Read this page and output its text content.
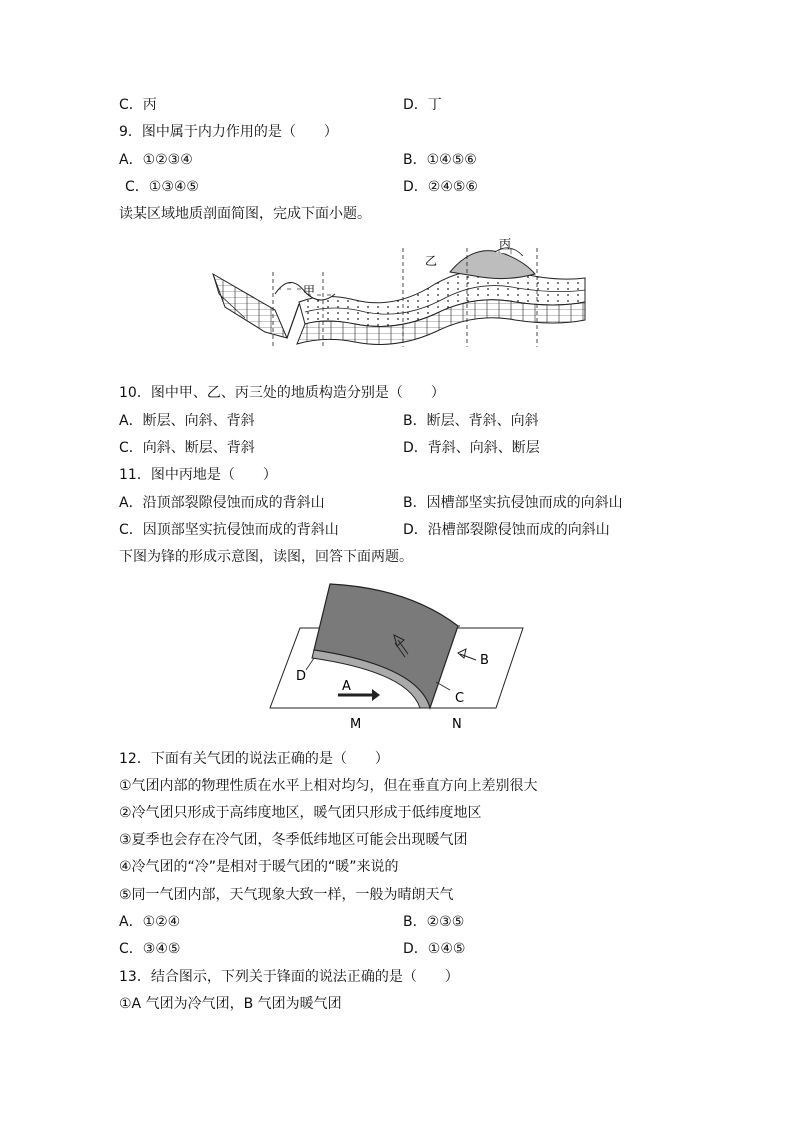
C．丙	D．丁
9．图中属于内力作用的是（　　）
A．①②③④	B．①④⑤⑥
C．①③④⑤	D．②④⑤⑥
读某区域地质剖面简图，完成下面小题。
甲
乙
丙
10．图中甲、乙、丙三处的地质构造分别是（　　）
A．断层、向斜、背斜	B．断层、背斜、向斜
C．向斜、断层、背斜	D．背斜、向斜、断层
11．图中丙地是（　　）
A．沿顶部裂隙侵蚀而成的背斜山	B．因槽部坚实抗侵蚀而成的向斜山
C．因顶部坚实抗侵蚀而成的背斜山	D．沿槽部裂隙侵蚀而成的向斜山
下图为锋的形成示意图，读图，回答下面两题。
D
A
B
C
M	N
12．下面有关气团的说法正确的是（　　）
①气团内部的物理性质在水平上相对均匀，但在垂直方向上差别很大
②冷气团只形成于高纬度地区，暖气团只形成于低纬度地区
③夏季也会存在冷气团，冬季低纬地区可能会出现暖气团
④冷气团的“冷”是相对于暖气团的“暖”来说的
⑤同一气团内部，天气现象大致一样，一般为晴朗天气
A．①②④	B．②③⑤
C．③④⑤	D．①④⑤
13．结合图示，下列关于锋面的说法正确的是（　　）
①A 气团为冷气团，B 气团为暖气团
